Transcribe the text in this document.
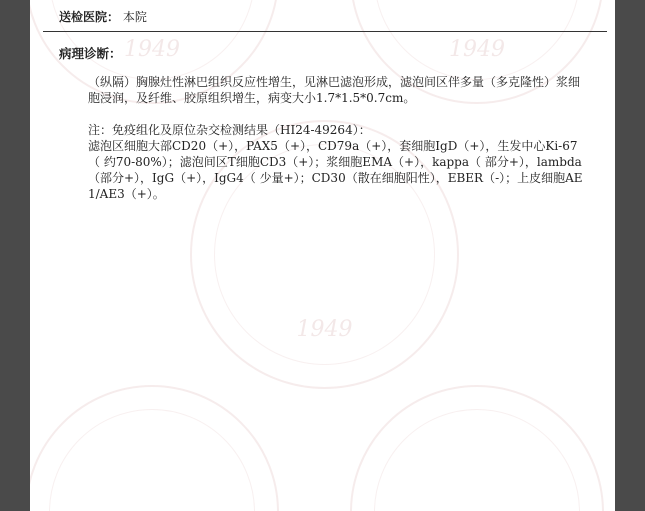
1949	1949
1949
送检医院： 本院
病理诊断：

（纵隔）胸腺灶性淋巴组织反应性增生，见淋巴滤泡形成，滤泡间区伴多量（多克隆性）浆细胞浸润，及纤维、胶原组织增生，病变大小1.7*1.5*0.7cm。

注：免疫组化及原位杂交检测结果（HI24-49264）：

滤泡区细胞大部CD20（+），PAX5（+），CD79a（+），套细胞IgD（+），生发中心Ki-67（ 约70-80%）；滤泡间区T细胞CD3（+）；浆细胞EMA（+），kappa（ 部分+），lambda（部分+），IgG（+），IgG4（ 少量+）；CD30（散在细胞阳性），EBER（-）；上皮细胞AE1/AE3（+）。
